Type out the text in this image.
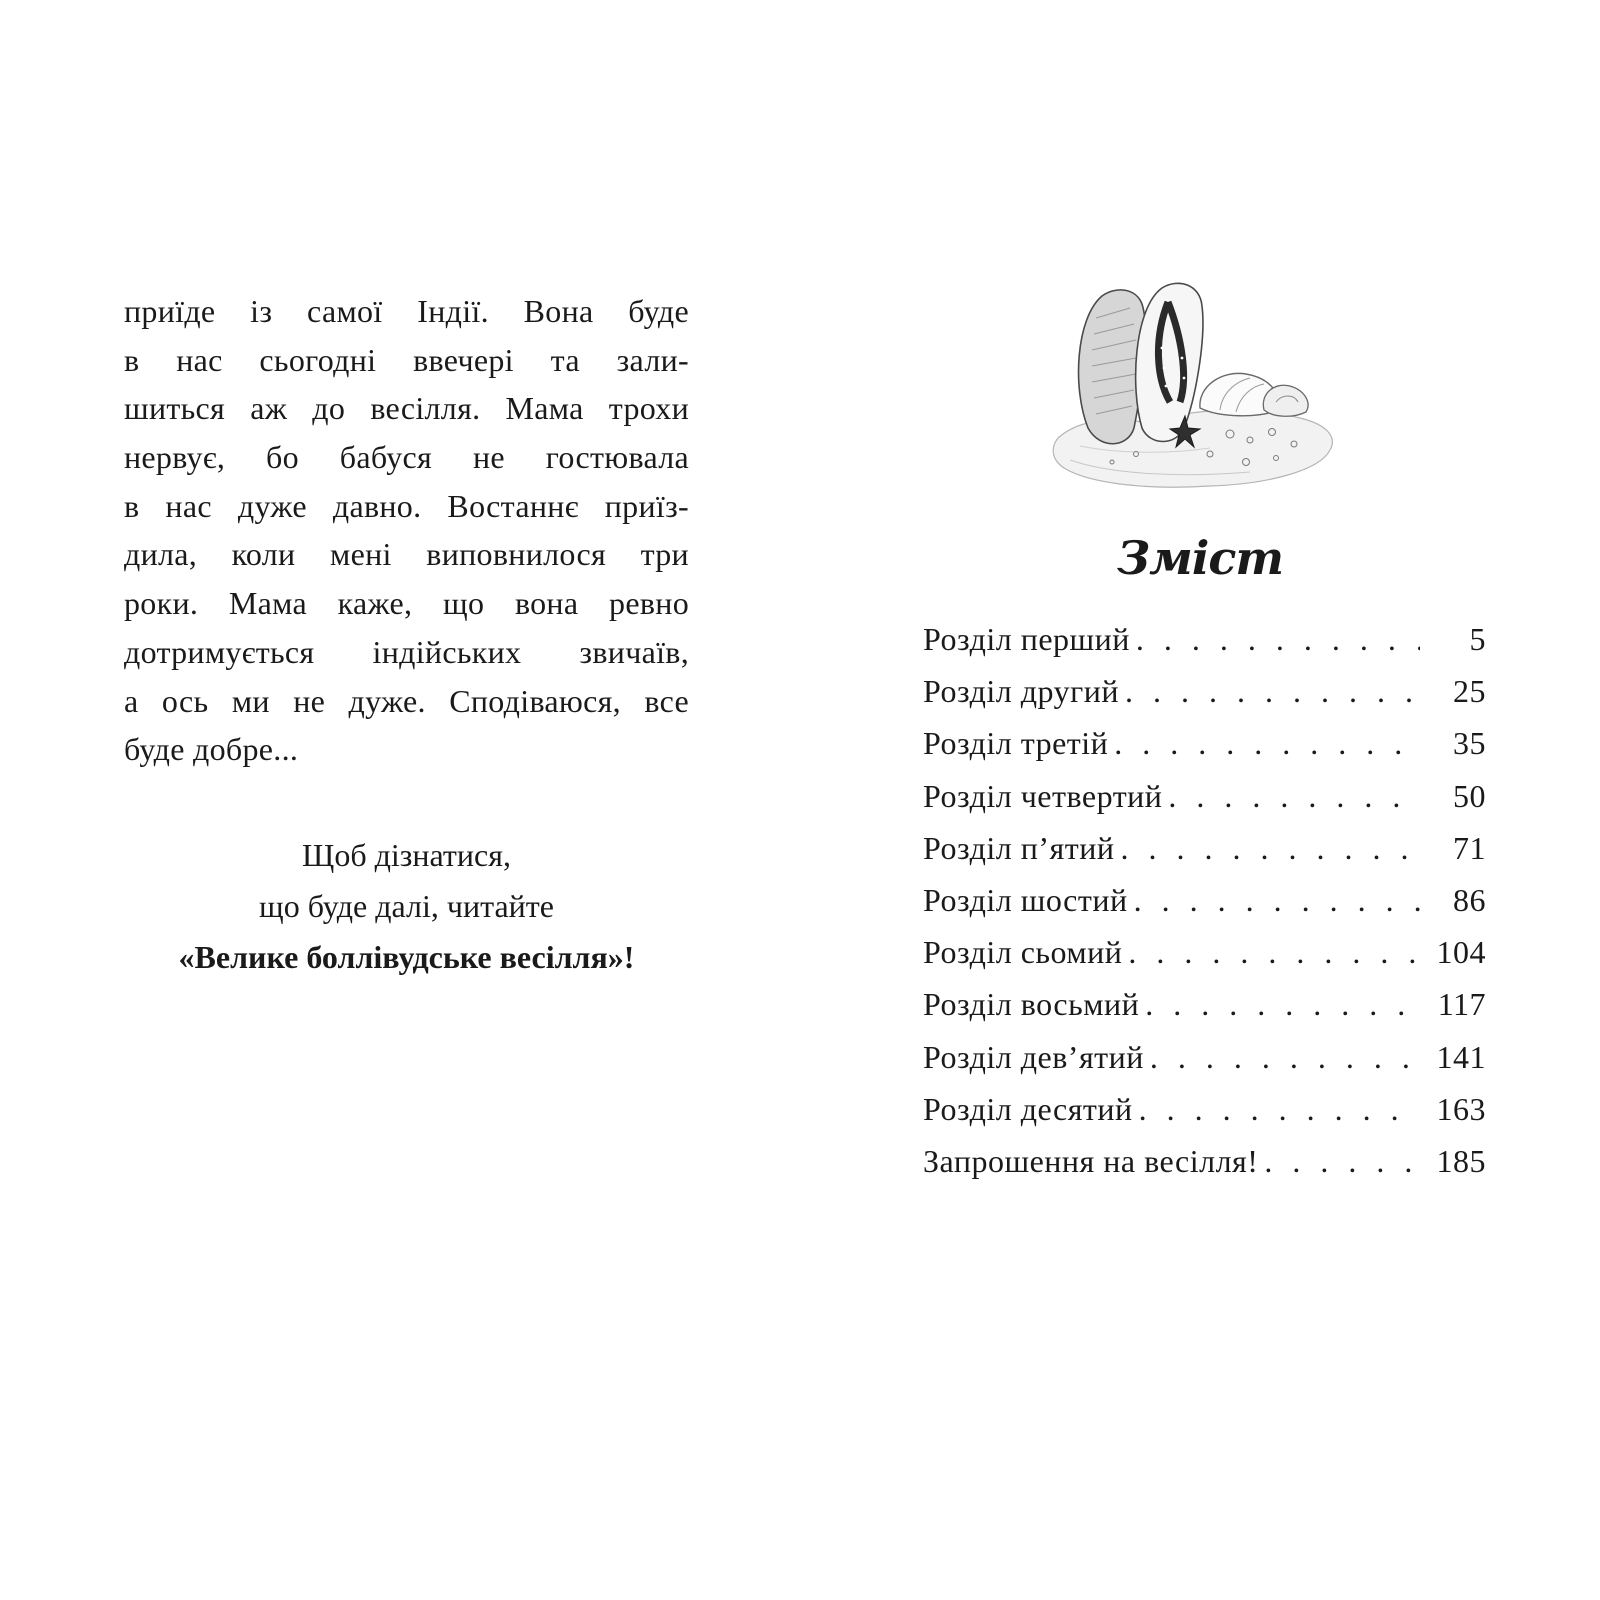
приїде із самої Індії. Вона буде
в нас сьогодні ввечері та зали-
шиться аж до весілля. Мама трохи
нервує, бо бабуся не гостювала
в нас дуже давно. Востаннє приїз-
дила, коли мені виповнилося три
роки. Мама каже, що вона ревно
дотримується індійських звичаїв,
а ось ми не дуже. Сподіваюся, все
буде добре...
Щоб дізнатися,
що буде далі, читайте
«Велике боллівудське весілля»!
Зміст
Розділ перший . . .	5
Розділ другий . . .	25
Розділ третій . . .	35
Розділ четвертий . . .	50
Розділ п’ятий . . .	71
Розділ шостий . . .	86
Розділ сьомий . . .	104
Розділ восьмий . . .	117
Розділ дев’ятий . . .	141
Розділ десятий . . .	163
Запрошення на весілля! . . .	185
